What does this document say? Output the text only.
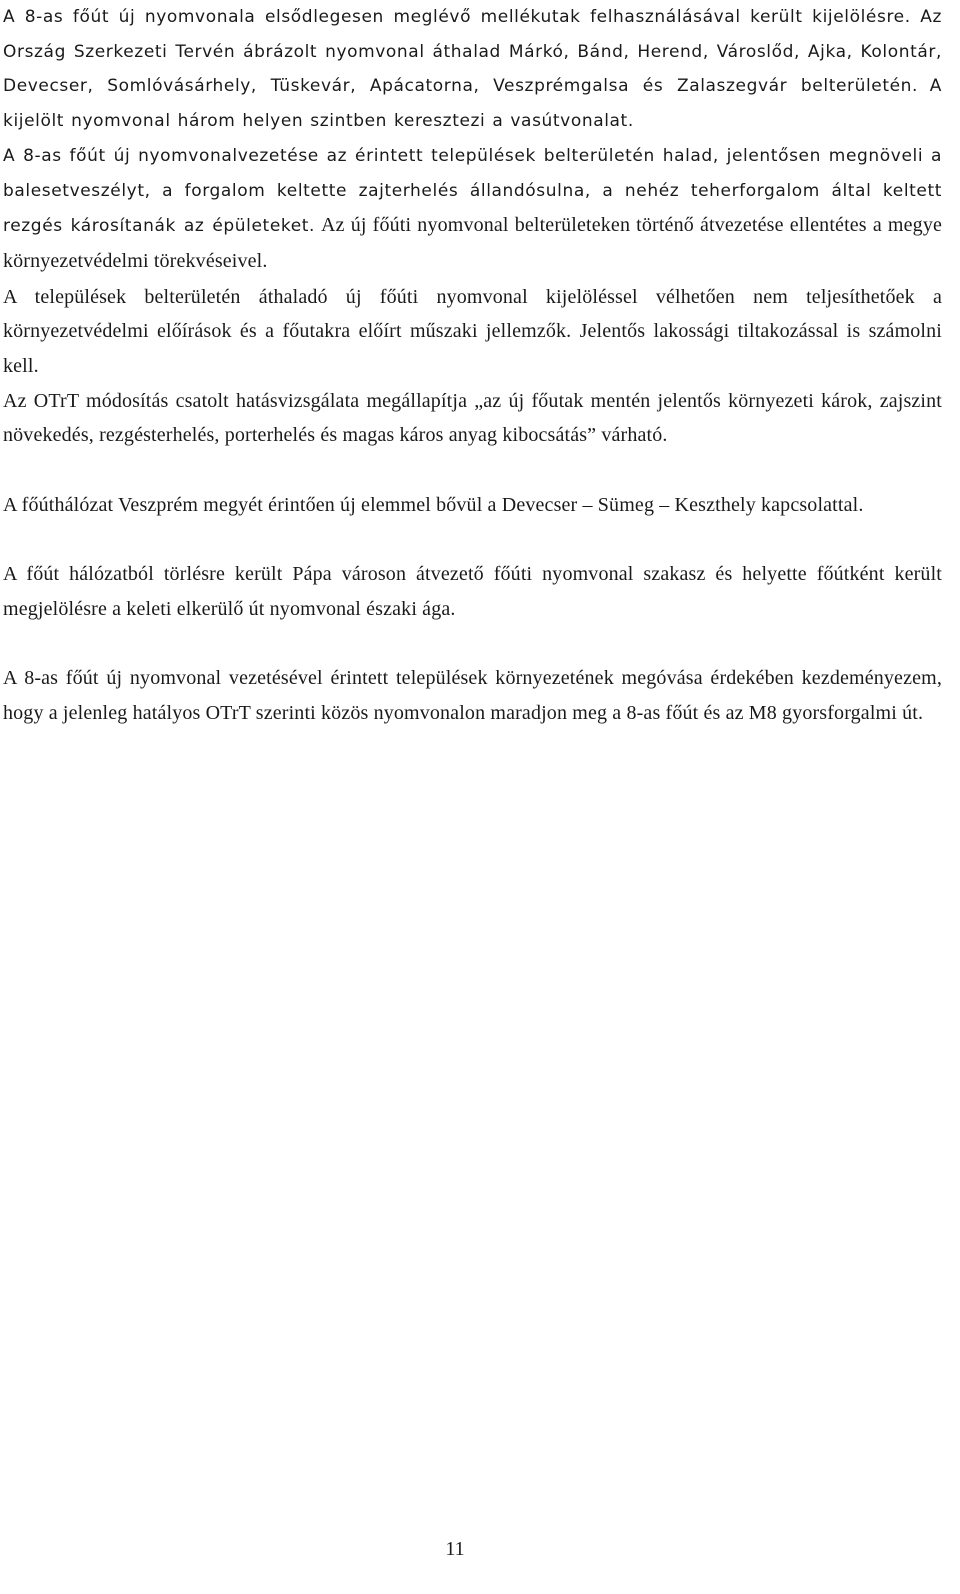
A 8-as főút új nyomvonala elsődlegesen meglévő mellékutak felhasználásával került kijelölésre. Az Ország Szerkezeti Tervén ábrázolt nyomvonal áthalad Márkó, Bánd, Herend, Városlőd, Ajka, Kolontár, Devecser, Somlóvásárhely, Tüskevár, Apácatorna, Veszprémgalsa és Zalaszegvár belterületén. A kijelölt nyomvonal három helyen szintben keresztezi a vasútvonalat.

A 8-as főút új nyomvonalvezetése az érintett települések belterületén halad, jelentősen megnöveli a balesetveszélyt, a forgalom keltette zajterhelés állandósulna, a nehéz teherforgalom által keltett rezgés károsítanák az épületeket. Az új főúti nyomvonal belterületeken történő átvezetése ellentétes a megye környezetvédelmi törekvéseivel.

A települések belterületén áthaladó új főúti nyomvonal kijelöléssel vélhetően nem teljesíthetőek a környezetvédelmi előírások és a főutakra előírt műszaki jellemzők. Jelentős lakossági tiltakozással is számolni kell.

Az OTrT módosítás csatolt hatásvizsgálata megállapítja „az új főutak mentén jelentős környezeti károk, zajszint növekedés, rezgésterhelés, porterhelés és magas káros anyag kibocsátás” várható.

A főúthálózat Veszprém megyét érintően új elemmel bővül a Devecser – Sümeg – Keszthely kapcsolattal.

A főút hálózatból törlésre került Pápa városon átvezető főúti nyomvonal szakasz és helyette főútként került megjelölésre a keleti elkerülő út nyomvonal északi ága.

A 8-as főút új nyomvonal vezetésével érintett települések környezetének megóvása érdekében kezdeményezem, hogy a jelenleg hatályos OTrT szerinti közös nyomvonalon maradjon meg a 8-as főút és az M8 gyorsforgalmi út.

11
